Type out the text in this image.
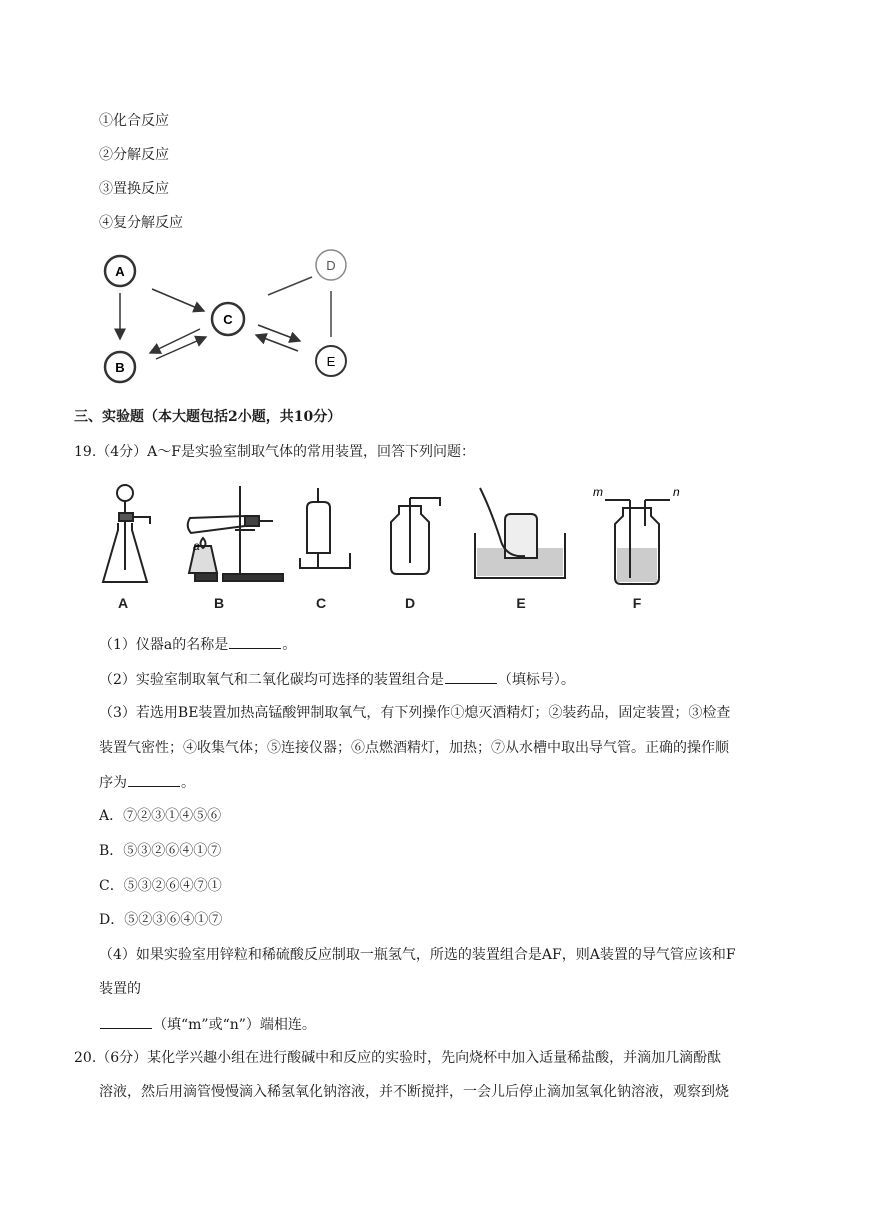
①化合反应
②分解反应
③置换反应
④复分解反应
A
B
C
D
E
三、实验题（本大题包括2小题，共10分）
19.（4分）A～F是实验室制取气体的常用装置，回答下列问题：
a
m	n
A	B	C	D	E	F
（1）仪器a的名称是	。
（2）实验室制取氧气和二氧化碳均可选择的装置组合是	（填标号）。
（3）若选用BE装置加热高锰酸钾制取氧气，有下列操作①熄灭酒精灯；②装药品，固定装置；③检查
装置气密性；④收集气体；⑤连接仪器；⑥点燃酒精灯，加热；⑦从水槽中取出导气管。正确的操作顺
序为	。
A．⑦②③①④⑤⑥
B．⑤③②⑥④①⑦
C．⑤③②⑥④⑦①
D．⑤②③⑥④①⑦
（4）如果实验室用锌粒和稀硫酸反应制取一瓶氢气，所选的装置组合是AF，则A装置的导气管应该和F
装置的
（填“m”或“n”）端相连。
20.（6分）某化学兴趣小组在进行酸碱中和反应的实验时，先向烧杯中加入适量稀盐酸，并滴加几滴酚酞
溶液，然后用滴管慢慢滴入稀氢氧化钠溶液，并不断搅拌，一会儿后停止滴加氢氧化钠溶液，观察到烧
